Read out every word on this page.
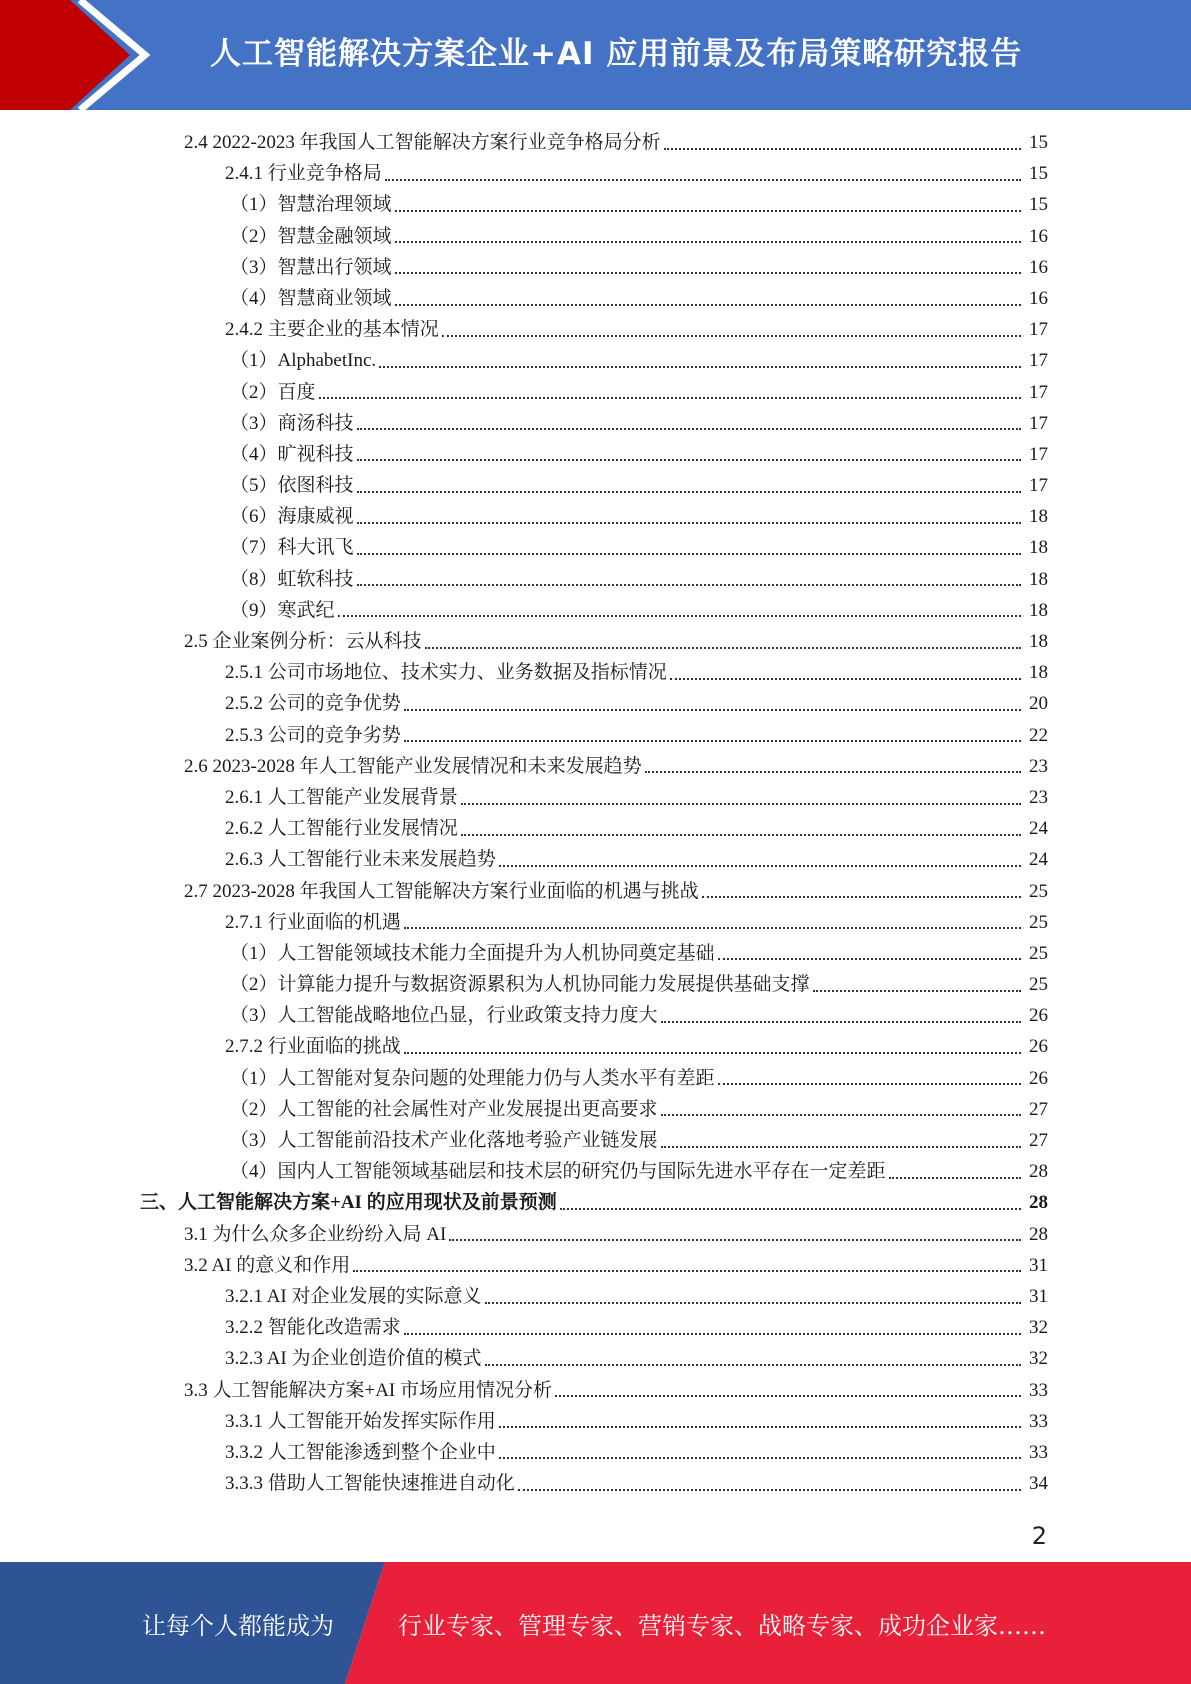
人工智能解决方案企业+AI 应用前景及布局策略研究报告
2.4 2022-2023 年我国人工智能解决方案行业竞争格局分析	15
2.4.1 行业竞争格局	15
（1）智慧治理领域	15
（2）智慧金融领域	16
（3）智慧出行领域	16
（4）智慧商业领域	16
2.4.2 主要企业的基本情况	17
（1）AlphabetInc.	17
（2）百度	17
（3）商汤科技	17
（4）旷视科技	17
（5）依图科技	17
（6）海康威视	18
（7）科大讯飞	18
（8）虹软科技	18
（9）寒武纪	18
2.5 企业案例分析：云从科技	18
2.5.1 公司市场地位、技术实力、业务数据及指标情况	18
2.5.2 公司的竞争优势	20
2.5.3 公司的竞争劣势	22
2.6 2023-2028 年人工智能产业发展情况和未来发展趋势	23
2.6.1 人工智能产业发展背景	23
2.6.2 人工智能行业发展情况	24
2.6.3 人工智能行业未来发展趋势	24
2.7 2023-2028 年我国人工智能解决方案行业面临的机遇与挑战	25
2.7.1 行业面临的机遇	25
（1）人工智能领域技术能力全面提升为人机协同奠定基础	25
（2）计算能力提升与数据资源累积为人机协同能力发展提供基础支撑	25
（3）人工智能战略地位凸显，行业政策支持力度大	26
2.7.2 行业面临的挑战	26
（1）人工智能对复杂问题的处理能力仍与人类水平有差距	26
（2）人工智能的社会属性对产业发展提出更高要求	27
（3）人工智能前沿技术产业化落地考验产业链发展	27
（4）国内人工智能领域基础层和技术层的研究仍与国际先进水平存在一定差距	28
三、人工智能解决方案+AI 的应用现状及前景预测	28
3.1 为什么众多企业纷纷入局 AI	28
3.2 AI 的意义和作用	31
3.2.1 AI 对企业发展的实际意义	31
3.2.2 智能化改造需求	32
3.2.3 AI 为企业创造价值的模式	32
3.3 人工智能解决方案+AI 市场应用情况分析	33
3.3.1 人工智能开始发挥实际作用	33
3.3.2 人工智能渗透到整个企业中	33
3.3.3 借助人工智能快速推进自动化	34
2
让每个人都能成为	行业专家、管理专家、营销专家、战略专家、成功企业家……
